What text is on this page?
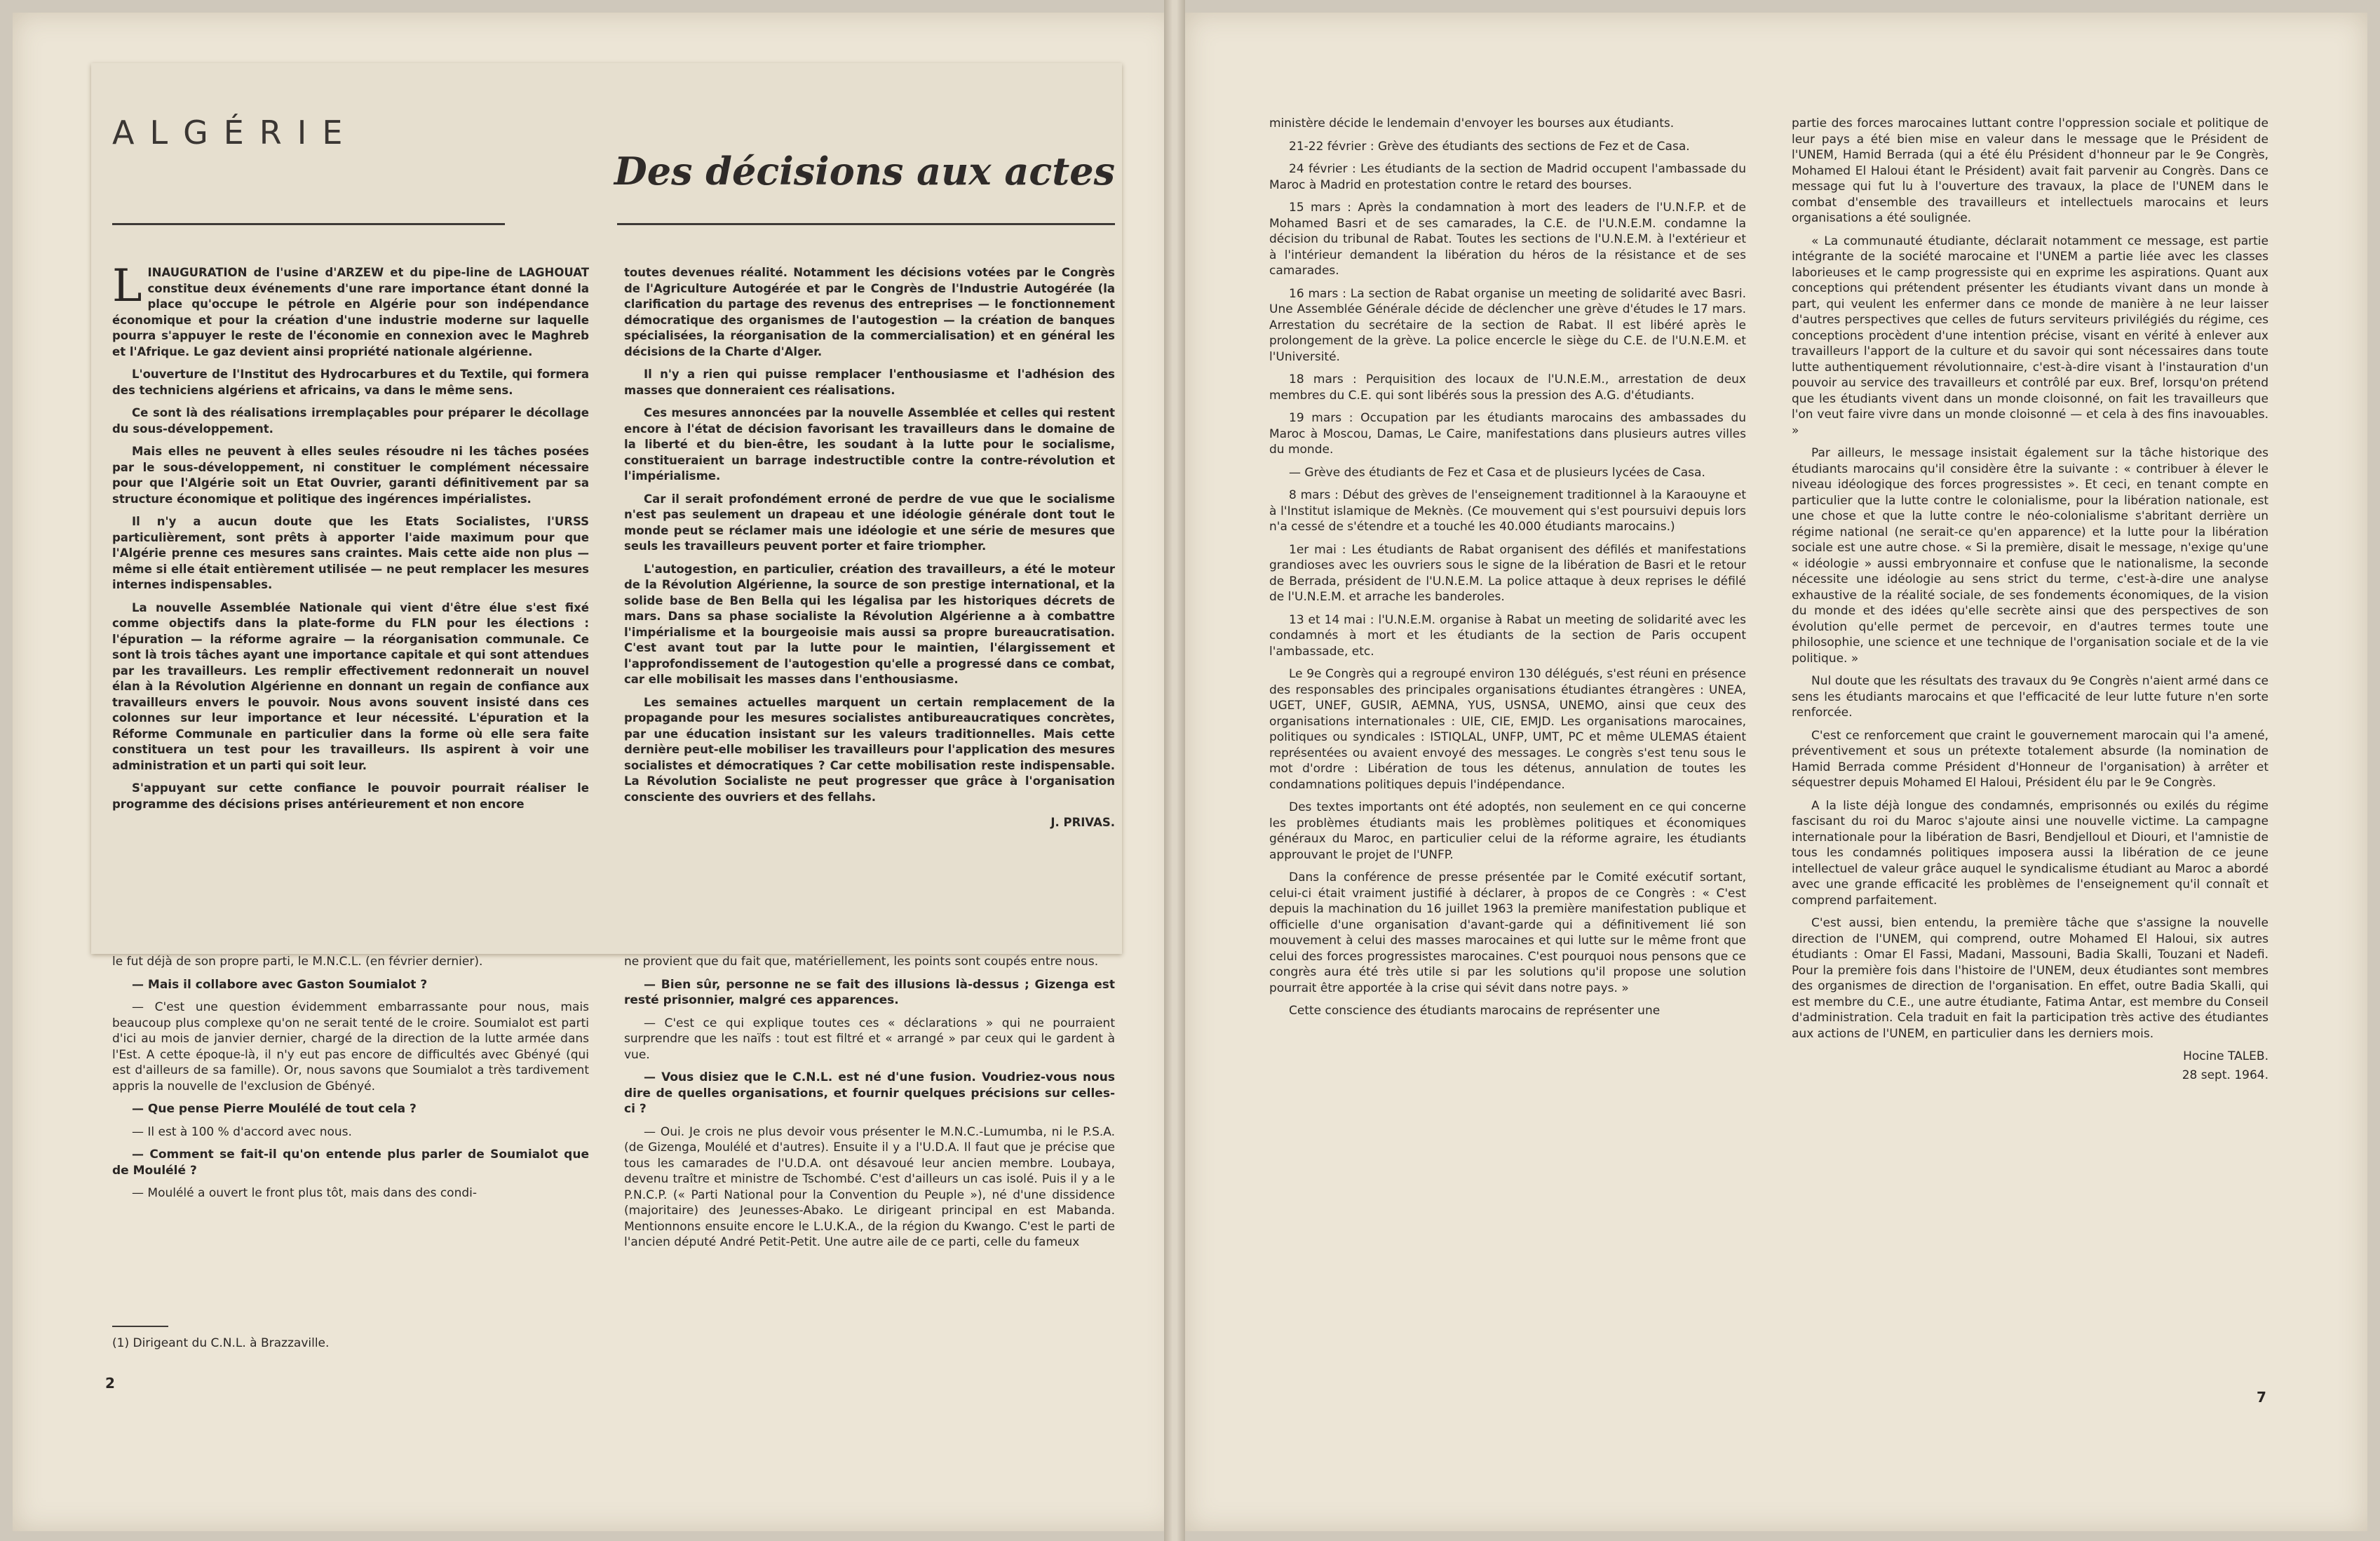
ALGÉRIE
Des décisions aux actes

LINAUGURATION de l'usine d'ARZEW et du pipe-line de LAGHOUAT constitue deux événements d'une rare importance étant donné la place qu'occupe le pétrole en Algérie pour son indépendance économique et pour la création d'une industrie moderne sur laquelle pourra s'appuyer le reste de l'économie en connexion avec le Maghreb et l'Afrique. Le gaz devient ainsi propriété nationale algérienne.

L'ouverture de l'Institut des Hydrocarbures et du Textile, qui formera des techniciens algériens et africains, va dans le même sens.

Ce sont là des réalisations irremplaçables pour préparer le décollage du sous-développement.

Mais elles ne peuvent à elles seules résoudre ni les tâches posées par le sous-développement, ni constituer le complément nécessaire pour que l'Algérie soit un Etat Ouvrier, garanti définitivement par sa structure économique et politique des ingérences impérialistes.

Il n'y a aucun doute que les Etats Socialistes, l'URSS particulièrement, sont prêts à apporter l'aide maximum pour que l'Algérie prenne ces mesures sans craintes. Mais cette aide non plus — même si elle était entièrement utilisée — ne peut remplacer les mesures internes indispensables.

La nouvelle Assemblée Nationale qui vient d'être élue s'est fixé comme objectifs dans la plate-forme du FLN pour les élections : l'épuration — la réforme agraire — la réorganisation communale. Ce sont là trois tâches ayant une importance capitale et qui sont attendues par les travailleurs. Les remplir effectivement redonnerait un nouvel élan à la Révolution Algérienne en donnant un regain de confiance aux travailleurs envers le pouvoir. Nous avons souvent insisté dans ces colonnes sur leur importance et leur nécessité. L'épuration et la Réforme Communale en particulier dans la forme où elle sera faite constituera un test pour les travailleurs. Ils aspirent à voir une administration et un parti qui soit leur.

S'appuyant sur cette confiance le pouvoir pourrait réaliser le programme des décisions prises antérieurement et non encore

toutes devenues réalité. Notamment les décisions votées par le Congrès de l'Agriculture Autogérée et par le Congrès de l'Industrie Autogérée (la clarification du partage des revenus des entreprises — le fonctionnement démocratique des organismes de l'autogestion — la création de banques spécialisées, la réorganisation de la commercialisation) et en général les décisions de la Charte d'Alger.

Il n'y a rien qui puisse remplacer l'enthousiasme et l'adhésion des masses que donneraient ces réalisations.

Ces mesures annoncées par la nouvelle Assemblée et celles qui restent encore à l'état de décision favorisant les travailleurs dans le domaine de la liberté et du bien-être, les soudant à la lutte pour le socialisme, constitueraient un barrage indestructible contre la contre-révolution et l'impérialisme.

Car il serait profondément erroné de perdre de vue que le socialisme n'est pas seulement un drapeau et une idéologie générale dont tout le monde peut se réclamer mais une idéologie et une série de mesures que seuls les travailleurs peuvent porter et faire triompher.

L'autogestion, en particulier, création des travailleurs, a été le moteur de la Révolution Algérienne, la source de son prestige international, et la solide base de Ben Bella qui les légalisa par les historiques décrets de mars. Dans sa phase socialiste la Révolution Algérienne a à combattre l'impérialisme et la bourgeoisie mais aussi sa propre bureaucratisation. C'est avant tout par la lutte pour le maintien, l'élargissement et l'approfondissement de l'autogestion qu'elle a progressé dans ce combat, car elle mobilisait les masses dans l'enthousiasme.

Les semaines actuelles marquent un certain remplacement de la propagande pour les mesures socialistes antibureaucratiques concrètes, par une éducation insistant sur les valeurs traditionnelles. Mais cette dernière peut-elle mobiliser les travailleurs pour l'application des mesures socialistes et démocratiques ? Car cette mobilisation reste indispensable. La Révolution Socialiste ne peut progresser que grâce à l'organisation consciente des ouvriers et des fellahs.

J. PRIVAS.

le fut déjà de son propre parti, le M.N.C.L. (en février dernier).

— Mais il collabore avec Gaston Soumialot ?

— C'est une question évidemment embarrassante pour nous, mais beaucoup plus complexe qu'on ne serait tenté de le croire. Soumialot est parti d'ici au mois de janvier dernier, chargé de la direction de la lutte armée dans l'Est. A cette époque-là, il n'y eut pas encore de difficultés avec Gbényé (qui est d'ailleurs de sa famille). Or, nous savons que Soumialot a très tardivement appris la nouvelle de l'exclusion de Gbényé.

— Que pense Pierre Moulélé de tout cela ?

— Il est à 100 % d'accord avec nous.

— Comment se fait-il qu'on entende plus parler de Soumialot que de Moulélé ?

— Moulélé a ouvert le front plus tôt, mais dans des condi-

ne provient que du fait que, matériellement, les points sont coupés entre nous.

— Bien sûr, personne ne se fait des illusions là-dessus ; Gizenga est resté prisonnier, malgré ces apparences.

— C'est ce qui explique toutes ces « déclarations » qui ne pourraient surprendre que les naïfs : tout est filtré et « arrangé » par ceux qui le gardent à vue.

— Vous disiez que le C.N.L. est né d'une fusion. Voudriez-vous nous dire de quelles organisations, et fournir quelques précisions sur celles-ci ?

— Oui. Je crois ne plus devoir vous présenter le M.N.C.-Lumumba, ni le P.S.A. (de Gizenga, Moulélé et d'autres). Ensuite il y a l'U.D.A. Il faut que je précise que tous les camarades de l'U.D.A. ont désavoué leur ancien membre. Loubaya, devenu traître et ministre de Tschombé. C'est d'ailleurs un cas isolé. Puis il y a le P.N.C.P. (« Parti National pour la Convention du Peuple »), né d'une dissidence (majoritaire) des Jeunesses-Abako. Le dirigeant principal en est Mabanda. Mentionnons ensuite encore le L.U.K.A., de la région du Kwango. C'est le parti de l'ancien député André Petit-Petit. Une autre aile de ce parti, celle du fameux

(1) Dirigeant du C.N.L. à Brazzaville.
2

ministère décide le lendemain d'envoyer les bourses aux étudiants.

21-22 février : Grève des étudiants des sections de Fez et de Casa.

24 février : Les étudiants de la section de Madrid occupent l'ambassade du Maroc à Madrid en protestation contre le retard des bourses.

15 mars : Après la condamnation à mort des leaders de l'U.N.F.P. et de Mohamed Basri et de ses camarades, la C.E. de l'U.N.E.M. condamne la décision du tribunal de Rabat. Toutes les sections de l'U.N.E.M. à l'extérieur et à l'intérieur demandent la libération du héros de la résistance et de ses camarades.

16 mars : La section de Rabat organise un meeting de solidarité avec Basri. Une Assemblée Générale décide de déclencher une grève d'études le 17 mars. Arrestation du secrétaire de la section de Rabat. Il est libéré après le prolongement de la grève. La police encercle le siège du C.E. de l'U.N.E.M. et l'Université.

18 mars : Perquisition des locaux de l'U.N.E.M., arrestation de deux membres du C.E. qui sont libérés sous la pression des A.G. d'étudiants.

19 mars : Occupation par les étudiants marocains des ambassades du Maroc à Moscou, Damas, Le Caire, manifestations dans plusieurs autres villes du monde.

— Grève des étudiants de Fez et Casa et de plusieurs lycées de Casa.

8 mars : Début des grèves de l'enseignement traditionnel à la Karaouyne et à l'Institut islamique de Meknès. (Ce mouvement qui s'est poursuivi depuis lors n'a cessé de s'étendre et a touché les 40.000 étudiants marocains.)

1er mai : Les étudiants de Rabat organisent des défilés et manifestations grandioses avec les ouvriers sous le signe de la libération de Basri et le retour de Berrada, président de l'U.N.E.M. La police attaque à deux reprises le défilé de l'U.N.E.M. et arrache les banderoles.

13 et 14 mai : l'U.N.E.M. organise à Rabat un meeting de solidarité avec les condamnés à mort et les étudiants de la section de Paris occupent l'ambassade, etc.

Le 9e Congrès qui a regroupé environ 130 délégués, s'est réuni en présence des responsables des principales organisations étudiantes étrangères : UNEA, UGET, UNEF, GUSIR, AEMNA, YUS, USNSA, UNEMO, ainsi que ceux des organisations internationales : UIE, CIE, EMJD. Les organisations marocaines, politiques ou syndicales : ISTIQLAL, UNFP, UMT, PC et même ULEMAS étaient représentées ou avaient envoyé des messages. Le congrès s'est tenu sous le mot d'ordre : Libération de tous les détenus, annulation de toutes les condamnations politiques depuis l'indépendance.

Des textes importants ont été adoptés, non seulement en ce qui concerne les problèmes étudiants mais les problèmes politiques et économiques généraux du Maroc, en particulier celui de la réforme agraire, les étudiants approuvant le projet de l'UNFP.

Dans la conférence de presse présentée par le Comité exécutif sortant, celui-ci était vraiment justifié à déclarer, à propos de ce Congrès : « C'est depuis la machination du 16 juillet 1963 la première manifestation publique et officielle d'une organisation d'avant-garde qui a définitivement lié son mouvement à celui des masses marocaines et qui lutte sur le même front que celui des forces progressistes marocaines. C'est pourquoi nous pensons que ce congrès aura été très utile si par les solutions qu'il propose une solution pourrait être apportée à la crise qui sévit dans notre pays. »

Cette conscience des étudiants marocains de représenter une

partie des forces marocaines luttant contre l'oppression sociale et politique de leur pays a été bien mise en valeur dans le message que le Président de l'UNEM, Hamid Berrada (qui a été élu Président d'honneur par le 9e Congrès, Mohamed El Haloui étant le Président) avait fait parvenir au Congrès. Dans ce message qui fut lu à l'ouverture des travaux, la place de l'UNEM dans le combat d'ensemble des travailleurs et intellectuels marocains et leurs organisations a été soulignée.

« La communauté étudiante, déclarait notamment ce message, est partie intégrante de la société marocaine et l'UNEM a partie liée avec les classes laborieuses et le camp progressiste qui en exprime les aspirations. Quant aux conceptions qui prétendent présenter les étudiants vivant dans un monde à part, qui veulent les enfermer dans ce monde de manière à ne leur laisser d'autres perspectives que celles de futurs serviteurs privilégiés du régime, ces conceptions procèdent d'une intention précise, visant en vérité à enlever aux travailleurs l'apport de la culture et du savoir qui sont nécessaires dans toute lutte authentiquement révolutionnaire, c'est-à-dire visant à l'instauration d'un pouvoir au service des travailleurs et contrôlé par eux. Bref, lorsqu'on prétend que les étudiants vivent dans un monde cloisonné, on fait les travailleurs que l'on veut faire vivre dans un monde cloisonné — et cela à des fins inavouables. »

Par ailleurs, le message insistait également sur la tâche historique des étudiants marocains qu'il considère être la suivante : « contribuer à élever le niveau idéologique des forces progressistes ». Et ceci, en tenant compte en particulier que la lutte contre le colonialisme, pour la libération nationale, est une chose et que la lutte contre le néo-colonialisme s'abritant derrière un régime national (ne serait-ce qu'en apparence) et la lutte pour la libération sociale est une autre chose. « Si la première, disait le message, n'exige qu'une « idéologie » aussi embryonnaire et confuse que le nationalisme, la seconde nécessite une idéologie au sens strict du terme, c'est-à-dire une analyse exhaustive de la réalité sociale, de ses fondements économiques, de la vision du monde et des idées qu'elle secrète ainsi que des perspectives de son évolution qu'elle permet de percevoir, en d'autres termes toute une philosophie, une science et une technique de l'organisation sociale et de la vie politique. »

Nul doute que les résultats des travaux du 9e Congrès n'aient armé dans ce sens les étudiants marocains et que l'efficacité de leur lutte future n'en sorte renforcée.

C'est ce renforcement que craint le gouvernement marocain qui l'a amené, préventivement et sous un prétexte totalement absurde (la nomination de Hamid Berrada comme Président d'Honneur de l'organisation) à arrêter et séquestrer depuis Mohamed El Haloui, Président élu par le 9e Congrès.

A la liste déjà longue des condamnés, emprisonnés ou exilés du régime fascisant du roi du Maroc s'ajoute ainsi une nouvelle victime. La campagne internationale pour la libération de Basri, Bendjelloul et Diouri, et l'amnistie de tous les condamnés politiques imposera aussi la libération de ce jeune intellectuel de valeur grâce auquel le syndicalisme étudiant au Maroc a abordé avec une grande efficacité les problèmes de l'enseignement qu'il connaît et comprend parfaitement.

C'est aussi, bien entendu, la première tâche que s'assigne la nouvelle direction de l'UNEM, qui comprend, outre Mohamed El Haloui, six autres étudiants : Omar El Fassi, Madani, Massouni, Badia Skalli, Touzani et Nadefi. Pour la première fois dans l'histoire de l'UNEM, deux étudiantes sont membres des organismes de direction de l'organisation. En effet, outre Badia Skalli, qui est membre du C.E., une autre étudiante, Fatima Antar, est membre du Conseil d'administration. Cela traduit en fait la participation très active des étudiantes aux actions de l'UNEM, en particulier dans les derniers mois.

Hocine TALEB.
28 sept. 1964.
7
